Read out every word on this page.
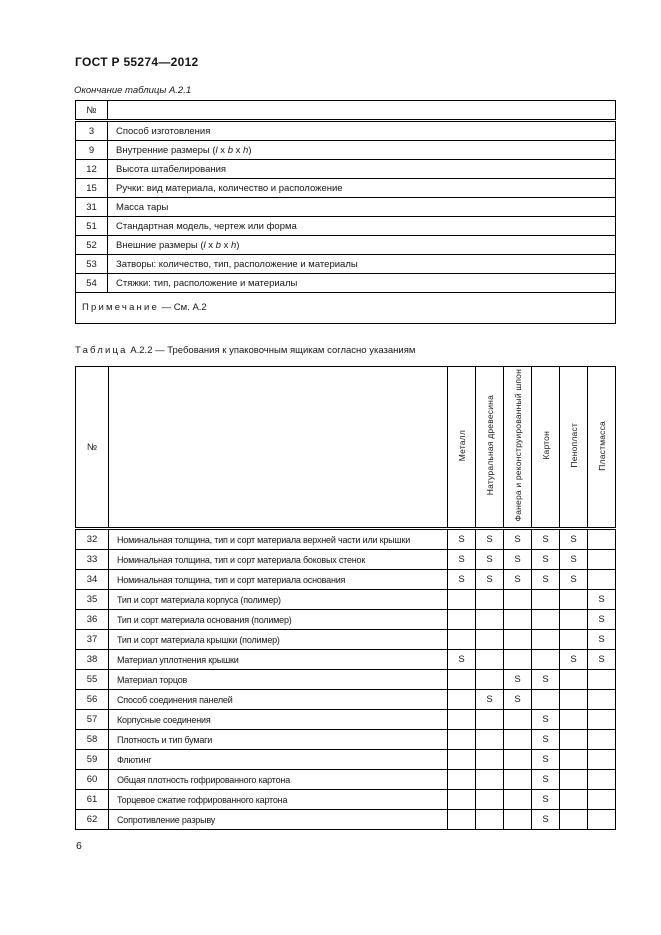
ГОСТ Р 55274—2012
Окончание таблицы А.2.1
№	
3	Способ изготовления
9	Внутренние размеры (l x b x h)
12	Высота штабелирования
15	Ручки: вид материала, количество и расположение
31	Масса тары
51	Стандартная модель, чертеж или форма
52	Внешние размеры (l x b x h)
53	Затворы: количество, тип, расположение и материалы
54	Стяжки: тип, расположение и материалы
Примечание — См. А.2	
Таблица А.2.2 — Требования к упаковочным ящикам согласно указаниям
№		Металл	Натуральная древесина	Фанера и реконструированный шпон	Картон	Пенопласт	Пластмасса
32	Номинальная толщина, тип и сорт материала верхней части или крышки	S	S	S	S	S	
33	Номинальная толщина, тип и сорт материала боковых стенок	S	S	S	S	S	
34	Номинальная толщина, тип и сорт материала основания	S	S	S	S	S	
35	Тип и сорт материала корпуса (полимер)						S
36	Тип и сорт материала основания (полимер)						S
37	Тип и сорт материала крышки (полимер)						S
38	Материал уплотнения крышки	S				S	S
55	Материал торцов			S	S		
56	Способ соединения панелей		S	S			
57	Корпусные соединения				S		
58	Плотность и тип бумаги				S		
59	Флютинг				S		
60	Общая плотность гофрированного картона				S		
61	Торцевое сжатие гофрированного картона				S		
62	Сопротивление разрыву				S		
6
